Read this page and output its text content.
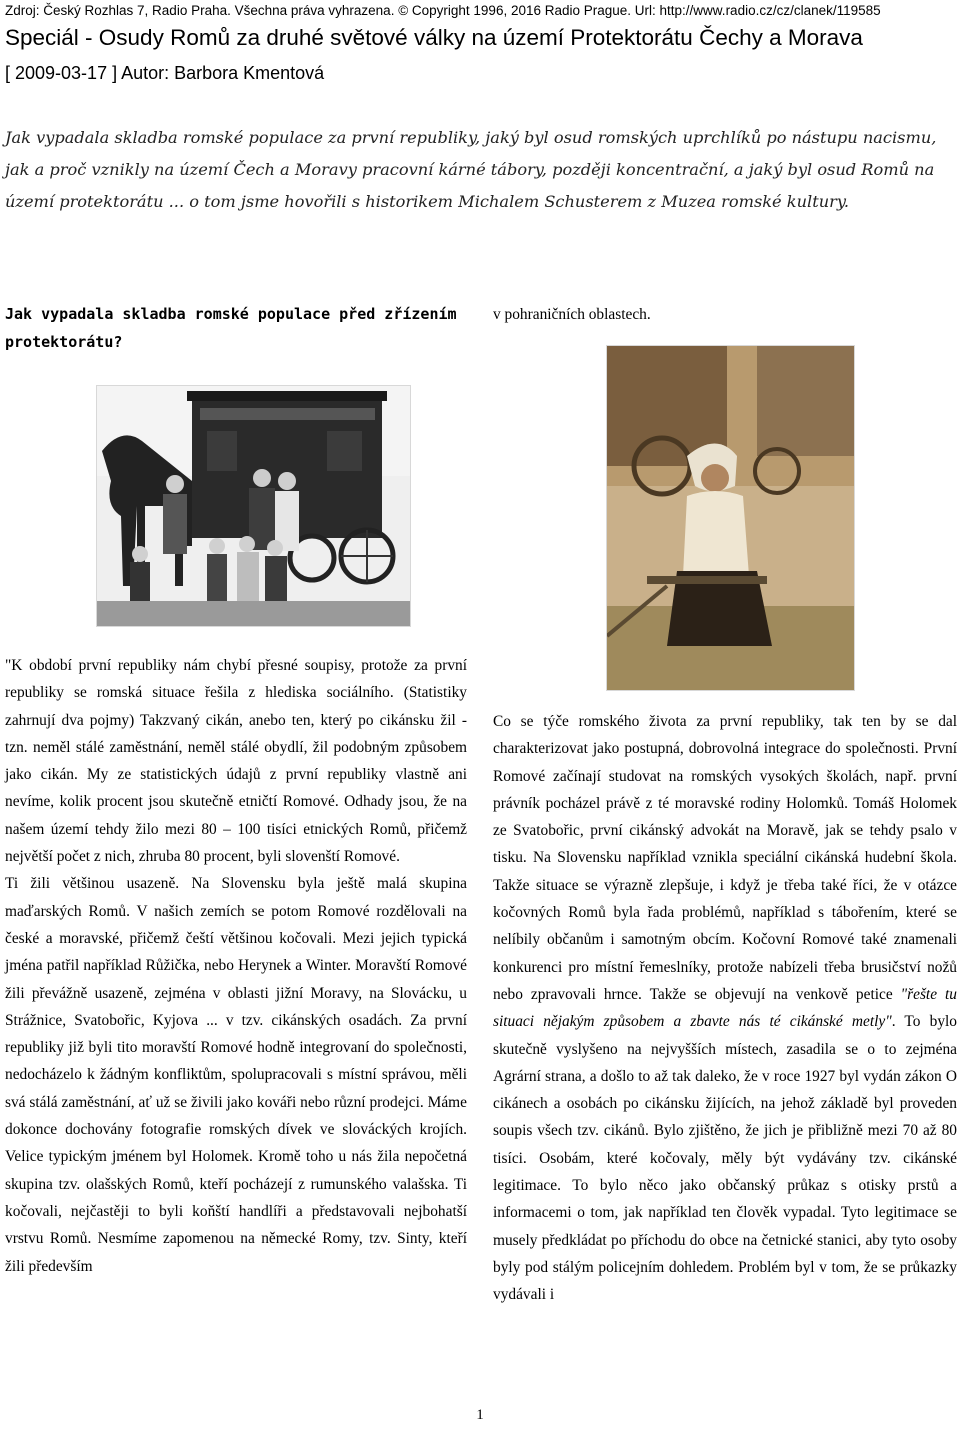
Zdroj: Český Rozhlas 7, Radio Praha. Všechna práva vyhrazena. © Copyright 1996, 2016 Radio Prague. Url: http://www.radio.cz/cz/clanek/119585
Speciál - Osudy Romů za druhé světové války na území Protektorátu Čechy a Morava
[ 2009-03-17 ] Autor: Barbora Kmentová
Jak vypadala skladba romské populace za první republiky, jaký byl osud romských uprchlíků po nástupu nacismu, jak a proč vznikly na území Čech a Moravy pracovní kárné tábory, později koncentrační, a jaký byl osud Romů na území protektorátu ... o tom jsme hovořili s historikem Michalem Schusterem z Muzea romské kultury.
Jak vypadala skladba romské populace před zřízením protektorátu?
v pohraničních oblastech.

"K období první republiky nám chybí přesné soupisy, protože za první republiky se romská situace řešila z hlediska sociálního. (Statistiky zahrnují dva pojmy) Takzvaný cikán, anebo ten, který po cikánsku žil - tzn. neměl stálé zaměstnání, neměl stálé obydlí, žil podobným způsobem jako cikán. My ze statistických údajů z první republiky vlastně ani nevíme, kolik procent jsou skutečně etničtí Romové. Odhady jsou, že na našem území tehdy žilo mezi 80 – 100 tisíci etnických Romů, přičemž největší počet z nich, zhruba 80 procent, byli slovenští Romové.

Ti žili většinou usazeně. Na Slovensku byla ještě malá skupina maďarských Romů. V našich zemích se potom Romové rozdělovali na české a moravské, přičemž čeští většinou kočovali. Mezi jejich typická jména patřil například Růžička, nebo Herynek a Winter. Moravští Romové žili převážně usazeně, zejména v oblasti jižní Moravy, na Slovácku, u Strážnice, Svatobořic, Kyjova ... v tzv. cikánských osadách. Za první republiky již byli tito moravští Romové hodně integrovaní do společnosti, nedocházelo k žádným konfliktům, spolupracovali s místní správou, měli svá stálá zaměstnání, ať už se živili jako kováři nebo různí prodejci. Máme dokonce dochovány fotografie romských dívek ve slováckých krojích. Velice typickým jménem byl Holomek. Kromě toho u nás žila nepočetná skupina tzv. olašských Romů, kteří pocházejí z rumunského valašska. Ti kočovali, nejčastěji to byli koňští handlíři a představovali nejbohatší vrstvu Romů. Nesmíme zapomenou na německé Romy, tzv. Sinty, kteří žili především

Co se týče romského života za první republiky, tak ten by se dal charakterizovat jako postupná, dobrovolná integrace do společnosti. První Romové začínají studovat na romských vysokých školách, např. první právník pocházel právě z té moravské rodiny Holomků. Tomáš Holomek ze Svatobořic, první cikánský advokát na Moravě, jak se tehdy psalo v tisku. Na Slovensku například vznikla speciální cikánská hudební škola. Takže situace se výrazně zlepšuje, i když je třeba také říci, že v otázce kočovných Romů byla řada problémů, například s tábořením, které se nelíbily občanům i samotným obcím. Kočovní Romové také znamenali konkurenci pro místní řemeslníky, protože nabízeli třeba brusičství nožů nebo zpravovali hrnce. Takže se objevují na venkově petice "řešte tu situaci nějakým způsobem a zbavte nás té cikánské metly". To bylo skutečně vyslyšeno na nejvyšších místech, zasadila se o to zejména Agrární strana, a došlo to až tak daleko, že v roce 1927 byl vydán zákon O cikánech a osobách po cikánsku žijících, na jehož základě byl proveden soupis všech tzv. cikánů. Bylo zjištěno, že jich je přibližně mezi 70 až 80 tisíci. Osobám, které kočovaly, měly být vydávány tzv. cikánské legitimace. To bylo něco jako občanský průkaz s otisky prstů a informacemi o tom, jak například ten člověk vypadal. Tyto legitimace se musely předkládat po příchodu do obce na četnické stanici, aby tyto osoby byly pod stálým policejním dohledem. Problém byl v tom, že se průkazky vydávali i

1
